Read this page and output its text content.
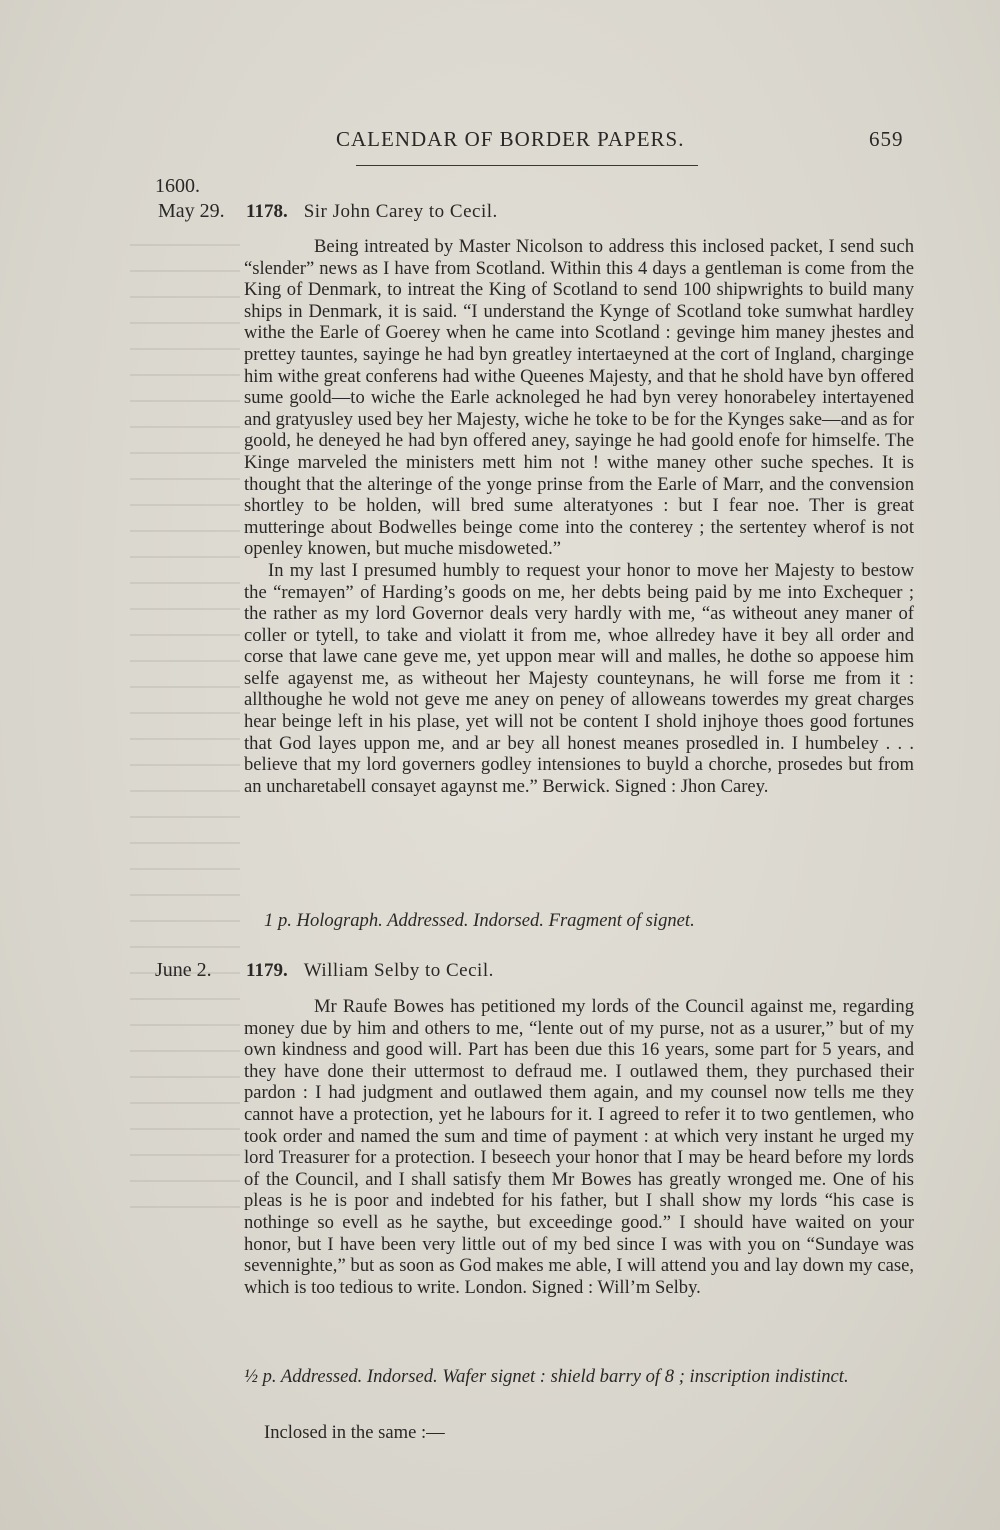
CALENDAR OF BORDER PAPERS.	659
1600.
May 29. 1178. Sir John Carey to Cecil.

Being intreated by Master Nicolson to address this inclosed packet, I send such “slender” news as I have from Scotland. Within this 4 days a gentleman is come from the King of Denmark, to intreat the King of Scotland to send 100 shipwrights to build many ships in Denmark, it is said. “I understand the Kynge of Scotland toke sumwhat hardley withe the Earle of Goerey when he came into Scotland : gevinge him maney jhestes and prettey tauntes, sayinge he had byn greatley intertaeyned at the cort of Ingland, charginge him withe great conferens had withe Queenes Majesty, and that he shold have byn offered sume goold—to wiche the Earle acknoleged he had byn verey honorabeley intertayened and gratyusley used bey her Majesty, wiche he toke to be for the Kynges sake—and as for goold, he deneyed he had byn offered aney, sayinge he had goold enofe for himselfe. The Kinge marveled the ministers mett him not ! withe maney other suche speches. It is thought that the alteringe of the yonge prinse from the Earle of Marr, and the convension shortley to be holden, will bred sume alteratyones : but I fear noe. Ther is great mutteringe about Bodwelles beinge come into the conterey ; the sertentey wherof is not openley knowen, but muche misdoweted.”

In my last I presumed humbly to request your honor to move her Majesty to bestow the “remayen” of Harding’s goods on me, her debts being paid by me into Exchequer ; the rather as my lord Governor deals very hardly with me, “as witheout aney maner of coller or tytell, to take and violatt it from me, whoe allredey have it bey all order and corse that lawe cane geve me, yet uppon mear will and malles, he dothe so appoese him selfe agayenst me, as witheout her Majesty counteynans, he will forse me from it : allthoughe he wold not geve me aney on peney of alloweans towerdes my great charges hear beinge left in his plase, yet will not be content I shold injhoye thoes good fortunes that God layes uppon me, and ar bey all honest meanes prosedled in. I humbeley . . . believe that my lord governers godley intensiones to buyld a chorche, prosedes but from an uncharetabell consayet agaynst me.” Berwick. Signed : Jhon Carey.

1 p. Holograph. Addressed. Indorsed. Fragment of signet.
June 2. 1179. William Selby to Cecil.

Mr Raufe Bowes has petitioned my lords of the Council against me, regarding money due by him and others to me, “lente out of my purse, not as a usurer,” but of my own kindness and good will. Part has been due this 16 years, some part for 5 years, and they have done their uttermost to defraud me. I outlawed them, they purchased their pardon : I had judgment and outlawed them again, and my counsel now tells me they cannot have a protection, yet he labours for it. I agreed to refer it to two gentlemen, who took order and named the sum and time of payment : at which very instant he urged my lord Treasurer for a protection. I beseech your honor that I may be heard before my lords of the Council, and I shall satisfy them Mr Bowes has greatly wronged me. One of his pleas is he is poor and indebted for his father, but I shall show my lords “his case is nothinge so evell as he saythe, but exceedinge good.” I should have waited on your honor, but I have been very little out of my bed since I was with you on “Sundaye was sevennighte,” but as soon as God makes me able, I will attend you and lay down my case, which is too tedious to write. London. Signed : Will’m Selby.

½ p. Addressed. Indorsed. Wafer signet : shield barry of 8 ; inscription indistinct.
Inclosed in the same :—
